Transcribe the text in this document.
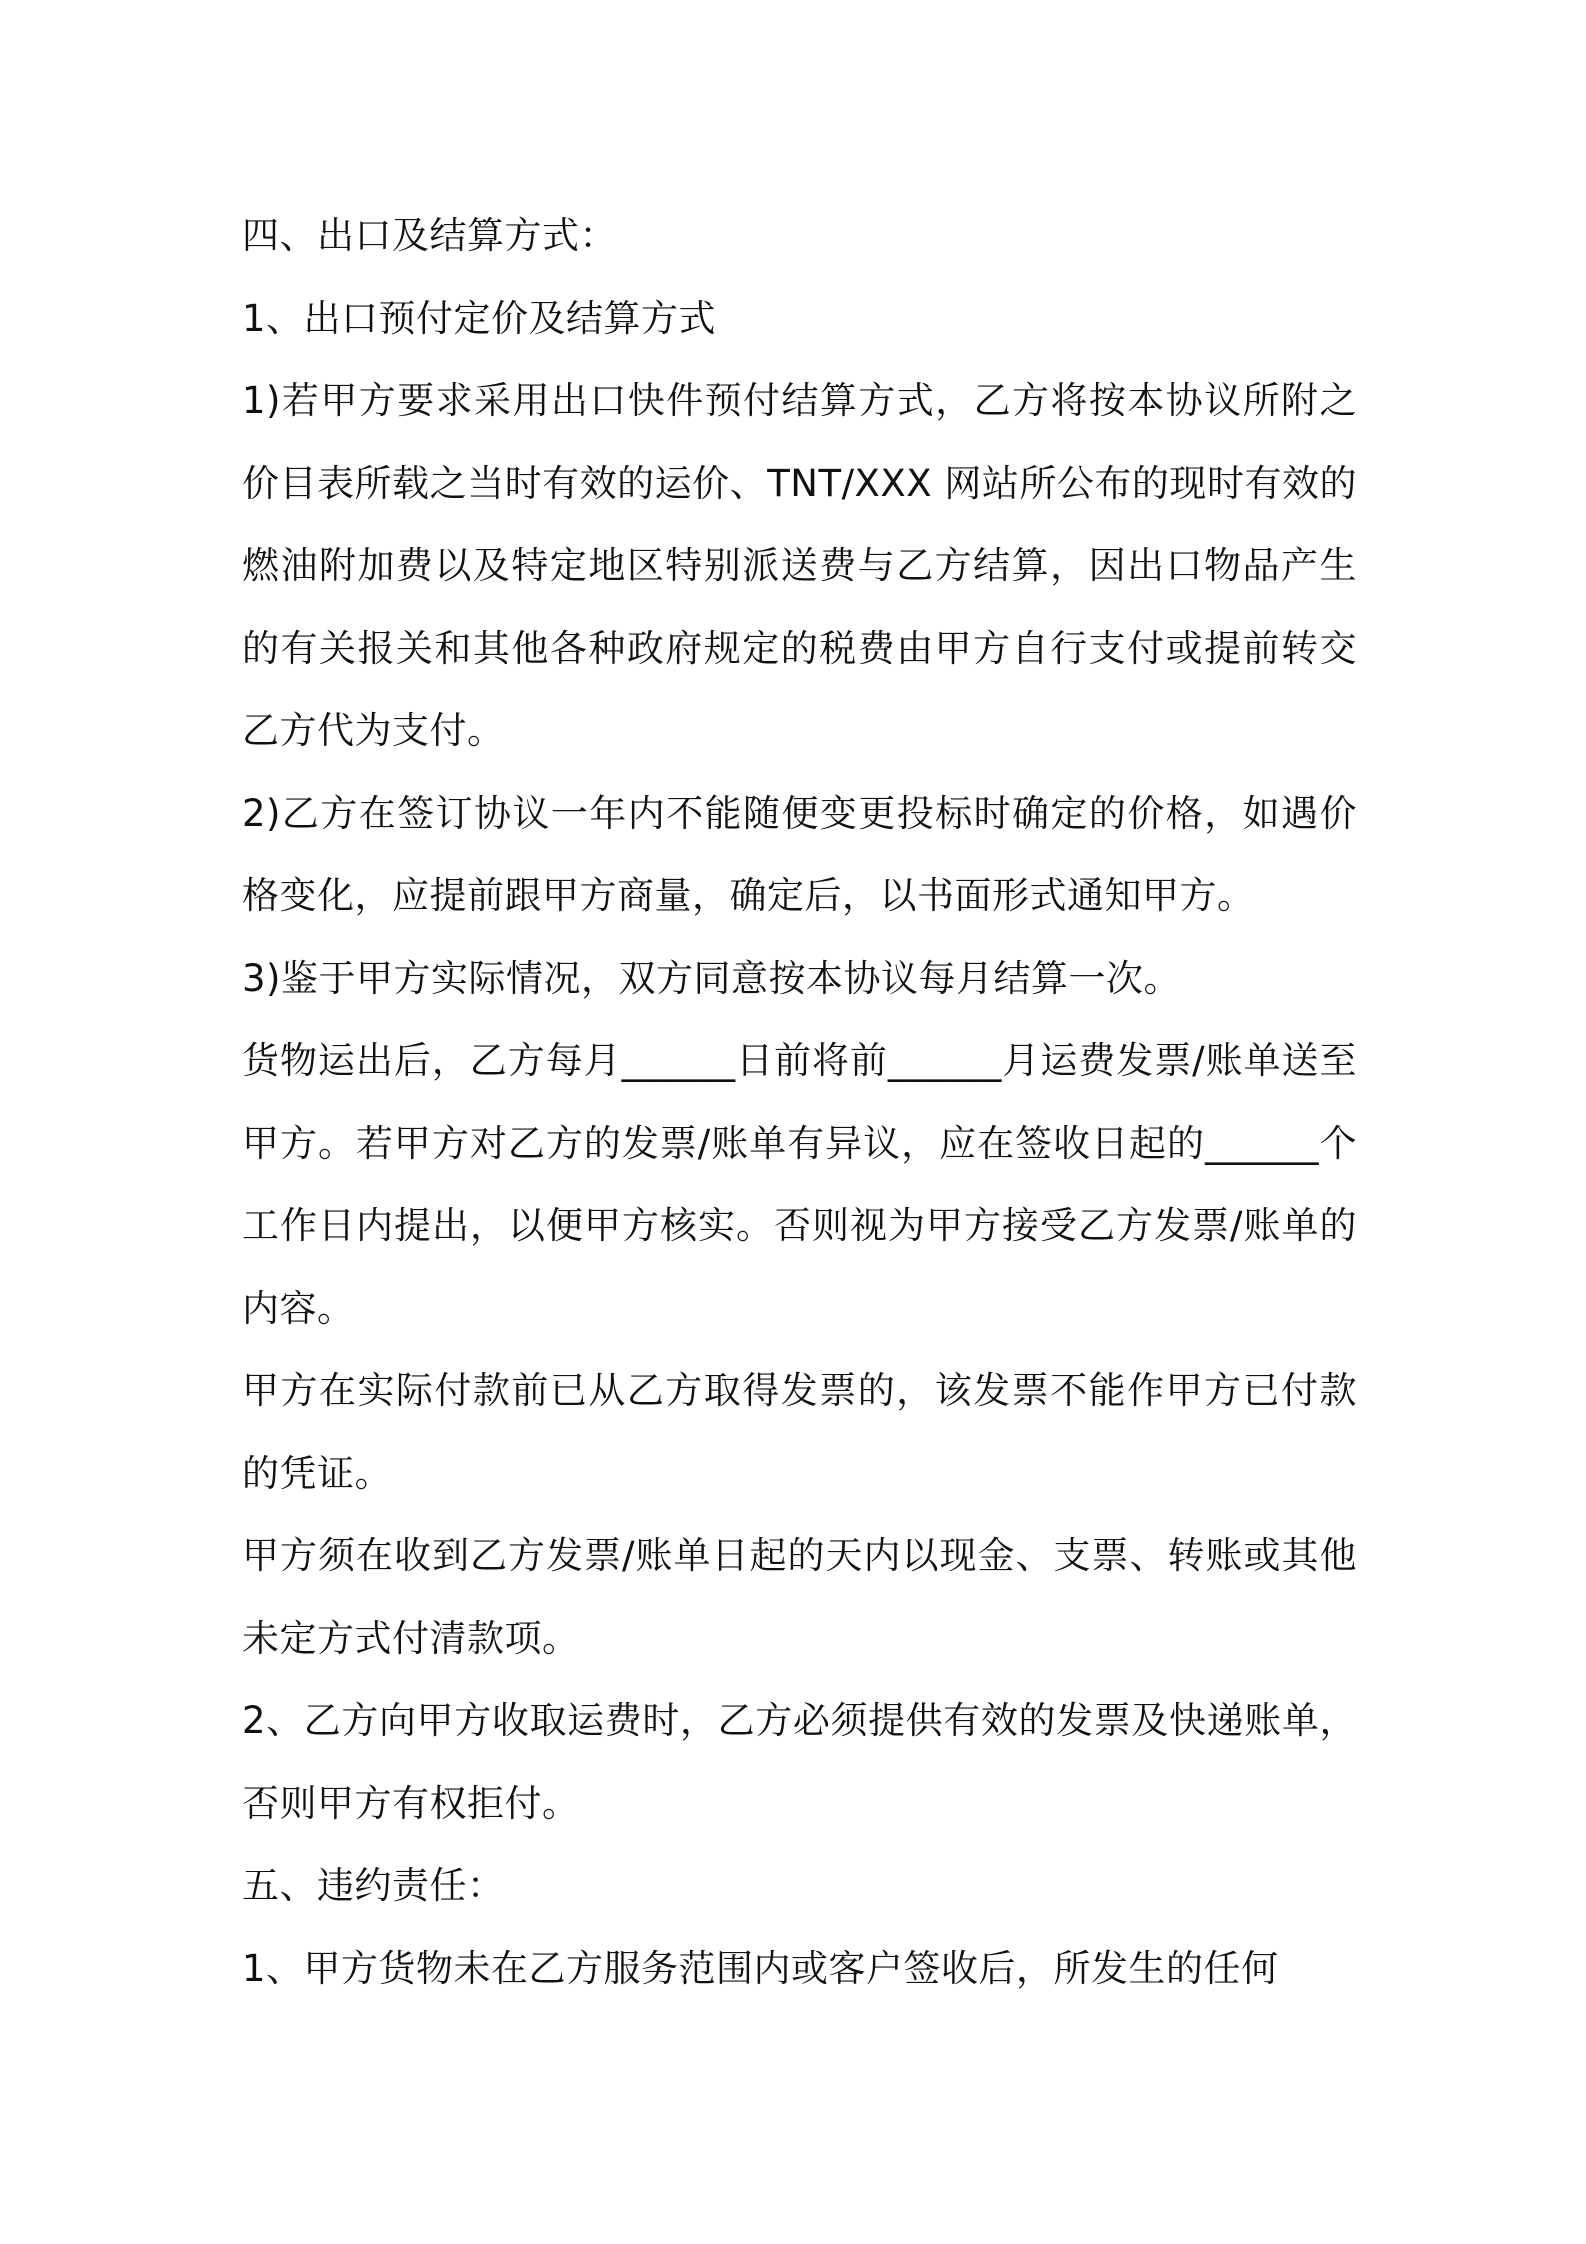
四、出口及结算方式：

1、出口预付定价及结算方式

1)若甲方要求采用出口快件预付结算方式，乙方将按本协议所附之价目表所载之当时有效的运价、TNT/XXX 网站所公布的现时有效的燃油附加费以及特定地区特别派送费与乙方结算，因出口物品产生的有关报关和其他各种政府规定的税费由甲方自行支付或提前转交乙方代为支付。

2)乙方在签订协议一年内不能随便变更投标时确定的价格，如遇价格变化，应提前跟甲方商量，确定后，以书面形式通知甲方。

3)鉴于甲方实际情况，双方同意按本协议每月结算一次。

货物运出后，乙方每月______日前将前______月运费发票/账单送至甲方。若甲方对乙方的发票/账单有异议，应在签收日起的______个工作日内提出，以便甲方核实。否则视为甲方接受乙方发票/账单的内容。

甲方在实际付款前已从乙方取得发票的，该发票不能作甲方已付款的凭证。

甲方须在收到乙方发票/账单日起的天内以现金、支票、转账或其他未定方式付清款项。

2、乙方向甲方收取运费时，乙方必须提供有效的发票及快递账单，否则甲方有权拒付。

五、违约责任：

1、甲方货物未在乙方服务范围内或客户签收后，所发生的任何
